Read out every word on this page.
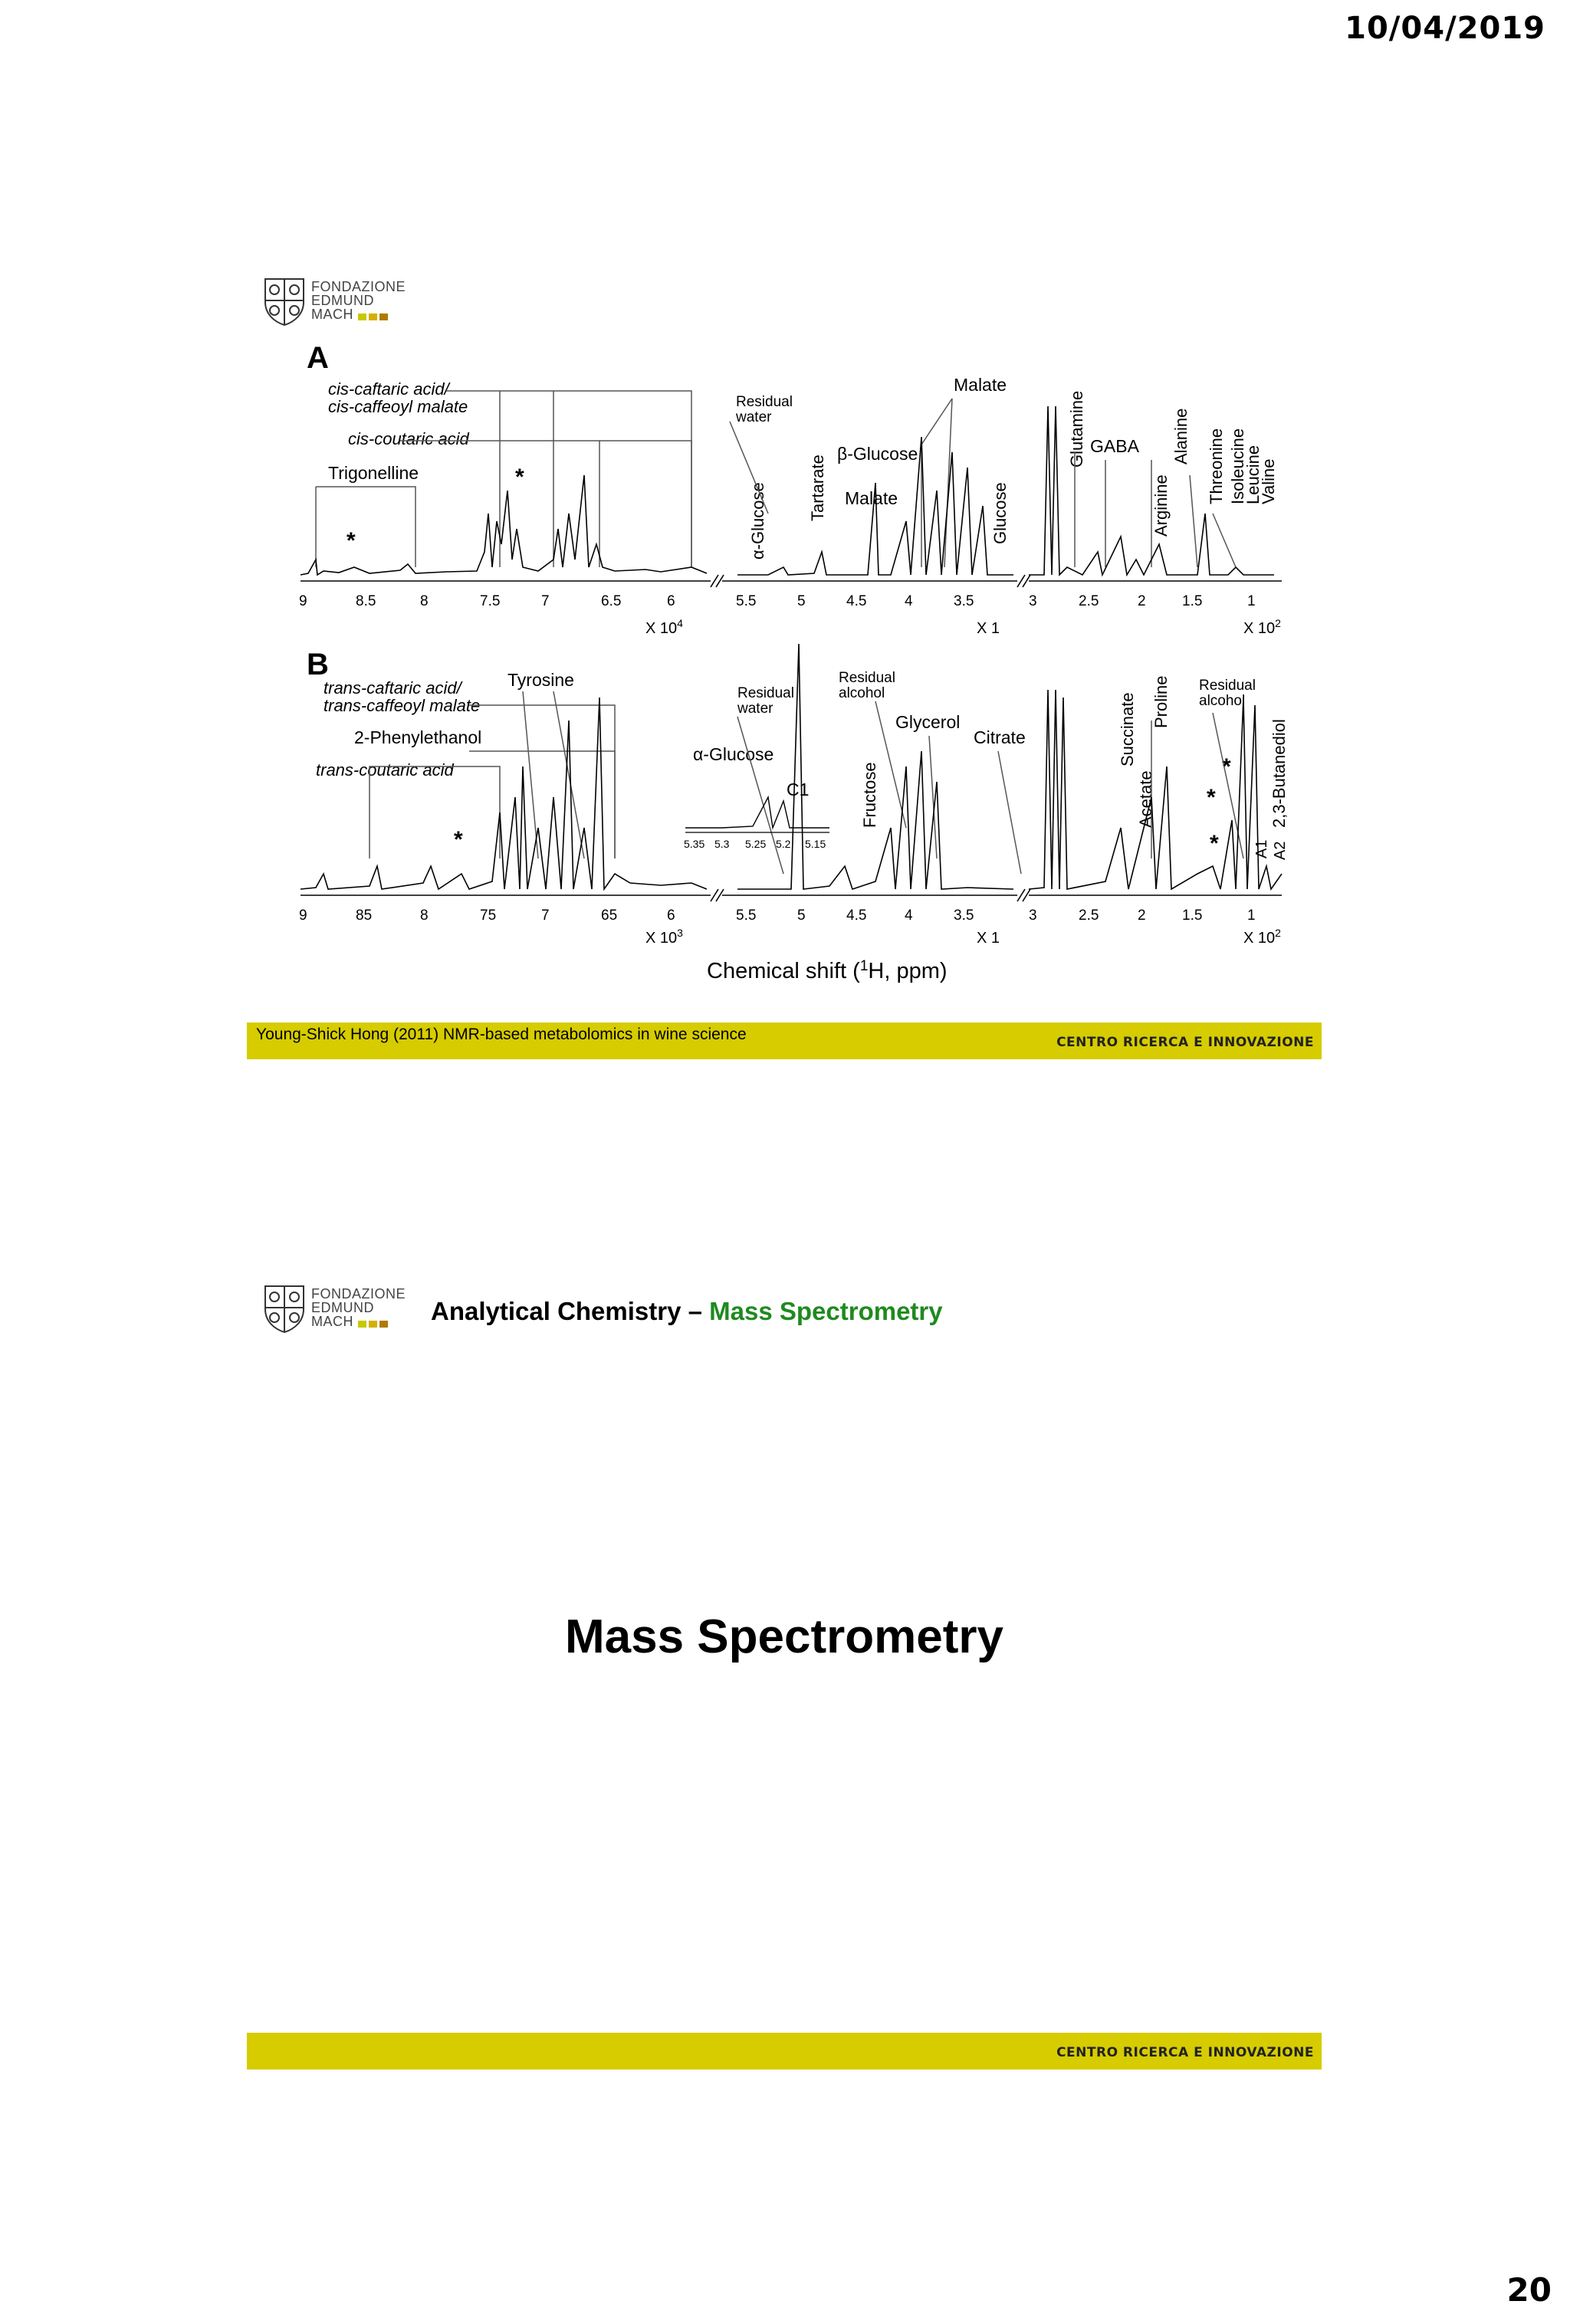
10/04/2019
FONDAZIONE
EDMUND
MACH
A
cis-caftaric acid/
cis-caffeoyl malate
cis-coutaric acid
Trigonelline	*
*
Residual
water
Malate
β-Glucose
Malate
α-Glucose Tartarate	Glucose
Glutamine GABA
Arginine
Alanine Threonine Isoleucine
Leucine
Valine
9	8.5	8	7.5	7	6.5	6	5.5	5	4.5	4	3.5	3	2.5	2 1.5	1
X $10^4$	X 1	X $10^2$
B
trans-caftaric acid/
trans-caffeoyl malate
Tyrosine
2-Phenylethanol
trans-coutaric acid
*
Residual
water
α-Glucose
C1
Residual
alcohol
Glycerol
Citrate
Fructose
Succinate Proline
Acetate
Residual
alcohol
2,3-Butanediol
A1 A2
*
*
*
5.35 5.3 5.25 5.2 5.15
9	85	8	75	7	65	6	5.5	5	4.5	4	3.5	3	2.5	2 1.5	1
X $10^3$	X 1	X $10^2$
Chemical shift ($^1$H, ppm)
Young-Shick Hong (2011) NMR-based metabolomics in wine science	CENTRO RICERCA E INNOVAZIONE
FONDAZIONE
EDMUND
MACH	Analytical Chemistry – Mass Spectrometry
Mass Spectrometry
CENTRO RICERCA E INNOVAZIONE
20
